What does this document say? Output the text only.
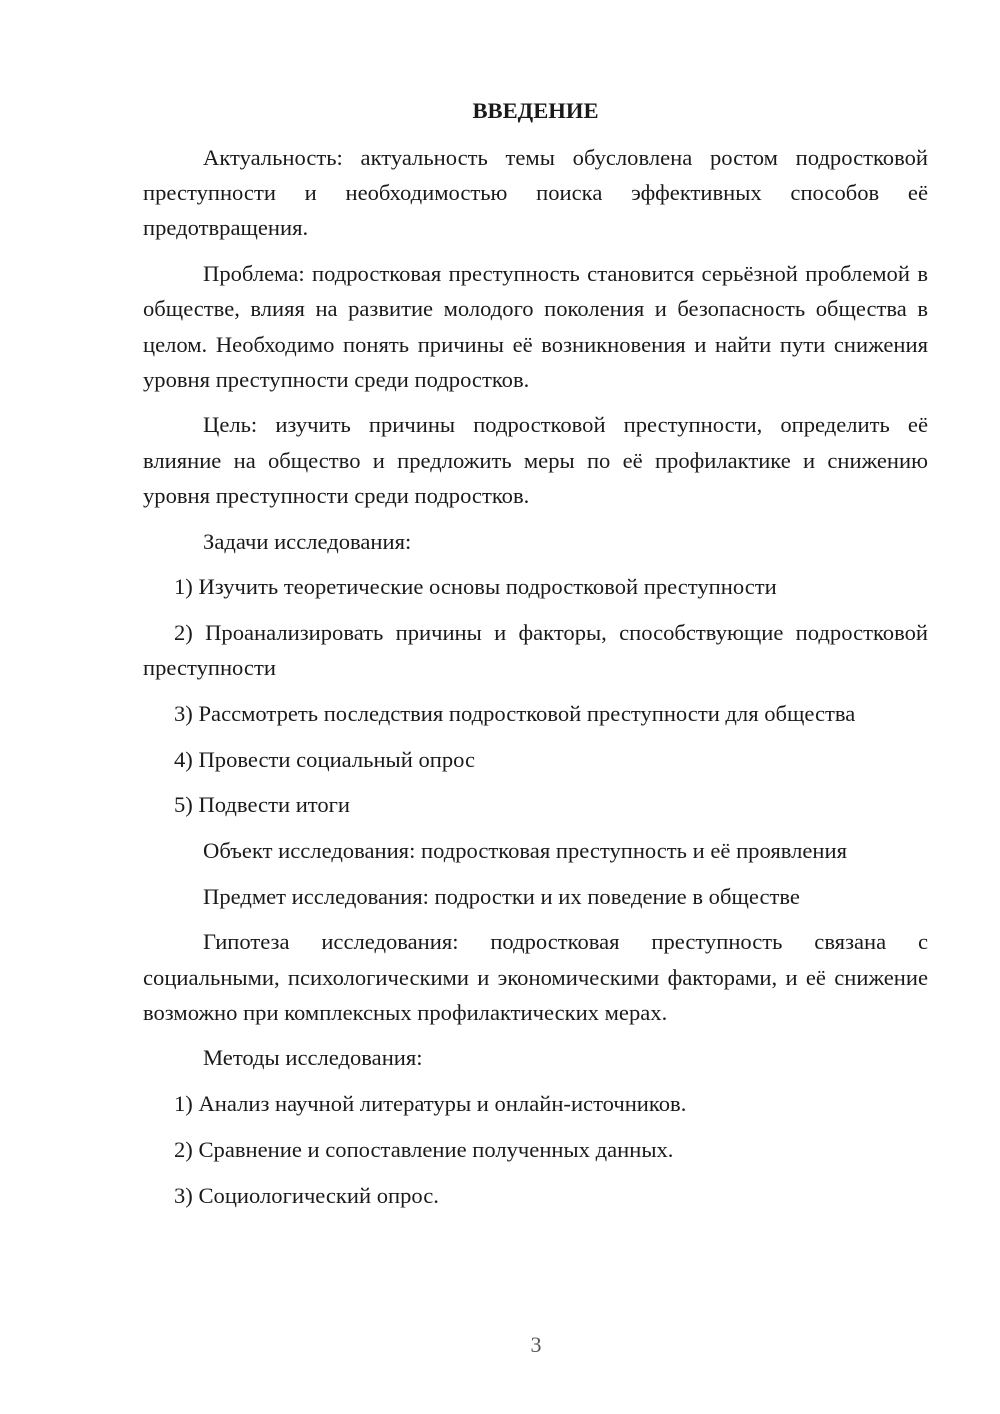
ВВЕДЕНИЕ

Актуальность: актуальность темы обусловлена ростом подростковой преступности и необходимостью поиска эффективных способов её предотвращения.

Проблема: подростковая преступность становится серьёзной проблемой в обществе, влияя на развитие молодого поколения и безопасность общества в целом. Необходимо понять причины её возникновения и найти пути снижения уровня преступности среди подростков.

Цель: изучить причины подростковой преступности, определить её влияние на общество и предложить меры по её профилактике и снижению уровня преступности среди подростков.

Задачи исследования:

1) Изучить теоретические основы подростковой преступности

2) Проанализировать причины и факторы, способствующие подростковой преступности

3) Рассмотреть последствия подростковой преступности для общества

4) Провести социальный опрос

5) Подвести итоги

Объект исследования: подростковая преступность и её проявления

Предмет исследования: подростки и их поведение в обществе

Гипотеза исследования: подростковая преступность связана с социальными, психологическими и экономическими факторами, и её снижение возможно при комплексных профилактических мерах.

Методы исследования:

1) Анализ научной литературы и онлайн-источников.

2) Сравнение и сопоставление полученных данных.

3) Социологический опрос.

3
